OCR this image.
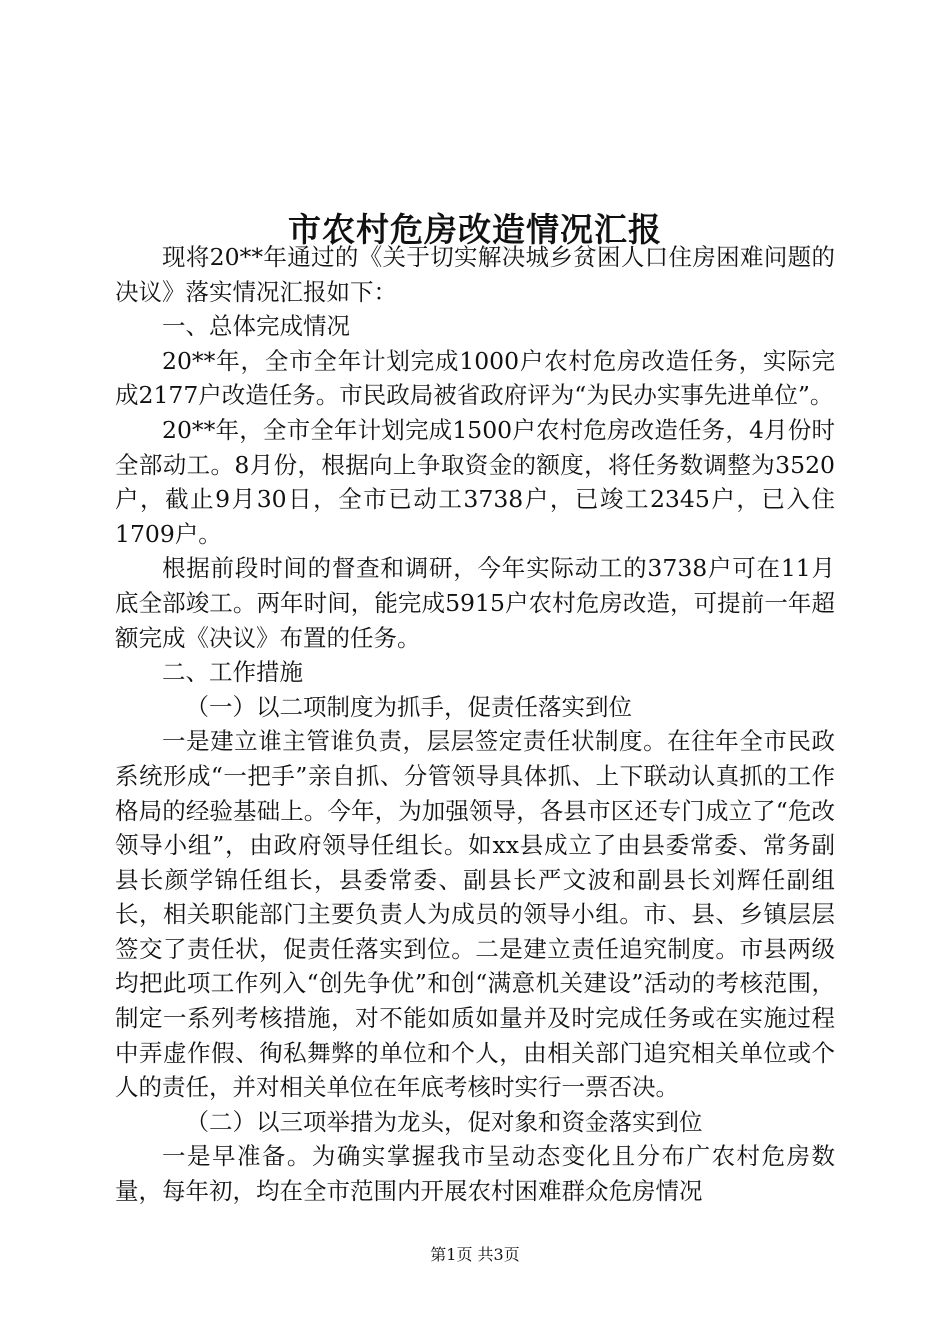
市农村危房改造情况汇报

现将20**年通过的《关于切实解决城乡贫困人口住房困难问题的决议》落实情况汇报如下：

一、总体完成情况

20**年，全市全年计划完成1000户农村危房改造任务，实际完成2177户改造任务。市民政局被省政府评为“为民办实事先进单位”。

20**年，全市全年计划完成1500户农村危房改造任务，4月份时全部动工。8月份，根据向上争取资金的额度，将任务数调整为3520户，截止9月30日，全市已动工3738户，已竣工2345户，已入住1709户。

根据前段时间的督查和调研，今年实际动工的3738户可在11月底全部竣工。两年时间，能完成5915户农村危房改造，可提前一年超额完成《决议》布置的任务。

二、工作措施

（一）以二项制度为抓手，促责任落实到位

一是建立谁主管谁负责，层层签定责任状制度。在往年全市民政系统形成“一把手”亲自抓、分管领导具体抓、上下联动认真抓的工作格局的经验基础上。今年，为加强领导，各县市区还专门成立了“危改领导小组”，由政府领导任组长。如xx县成立了由县委常委、常务副县长颜学锦任组长，县委常委、副县长严文波和副县长刘辉任副组长，相关职能部门主要负责人为成员的领导小组。市、县、乡镇层层签交了责任状，促责任落实到位。二是建立责任追究制度。市县两级均把此项工作列入“创先争优”和创“满意机关建设”活动的考核范围，制定一系列考核措施，对不能如质如量并及时完成任务或在实施过程中弄虚作假、徇私舞弊的单位和个人，由相关部门追究相关单位或个人的责任，并对相关单位在年底考核时实行一票否决。

（二）以三项举措为龙头，促对象和资金落实到位

一是早准备。为确实掌握我市呈动态变化且分布广农村危房数量，每年初，均在全市范围内开展农村困难群众危房情况

第1页 共3页
